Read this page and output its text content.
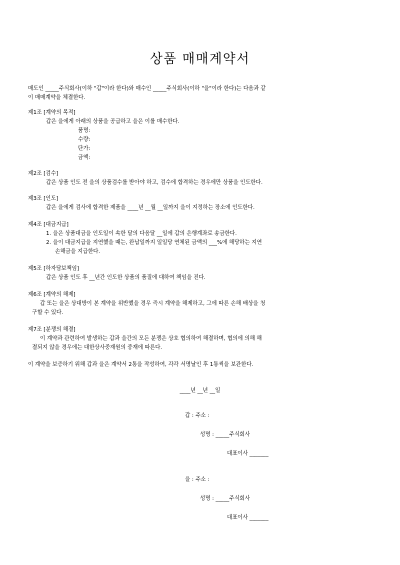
상품 매매계약서
매도인 _____주식회사(이하 "갑"이라 한다)와 매수인 _____주식회사(이하 "을"이라 한다)는 다음과 같
이 매매계약을 체결한다.
제1조 [계약의 목적]
갑은 을에게 아래의 상품을 공급하고 을은 이를 매수한다.
품명:
수량:
단가:
금액:
제2조 [검수]
갑은 상품 인도 전 을의 상품검수를 받아야 하고, 검수에 합격하는 경우에만 상품을 인도한다.
제3조 [인도]
갑은 을에게 검사에 합격한 제품을 ____년 __월 __일까지 을이 지정하는 장소에 인도한다.
제4조 [대금지급]
1. 을은 상품대금을 인도일이 속한 달의 다음달 __일에 갑의 은행계좌로 송금한다.
2. 을이 대금지급을 지연했을 때는, 완납일까지 일일당 연체된 금액의 ___%에 해당하는 지연
손해금을 지급한다.
제5조 [하자담보책임]
갑은 상품 인도 후 __년간 인도한 상품의 품질에 대하여 책임을 진다.
제6조 [계약의 해제]
갑 또는 을은 상대방이 본 계약을 위반했을 경우 즉시 계약을 해제하고, 그에 따른 손해 배상을 청
구할 수 있다.
제7조 [분쟁의 해결]
이 계약과 관련하여 발생하는 갑과 을간의 모든 분쟁은 상호 협의하여 해결하며, 협의에 의해 해
결되지 않을 경우에는 대한상사중재원의 중재에 따른다.
이 계약을 보증하기 위해 갑과 을은 계약서 2통을 작성하여, 각각 서명날인 후 1통씩을 보관한다.
____년 __년 __일
갑 : 주소 :
성명 : _____주식회사
대표이사 _______
을 : 주소 :
성명 : _____주식회사
대표이사 _______
